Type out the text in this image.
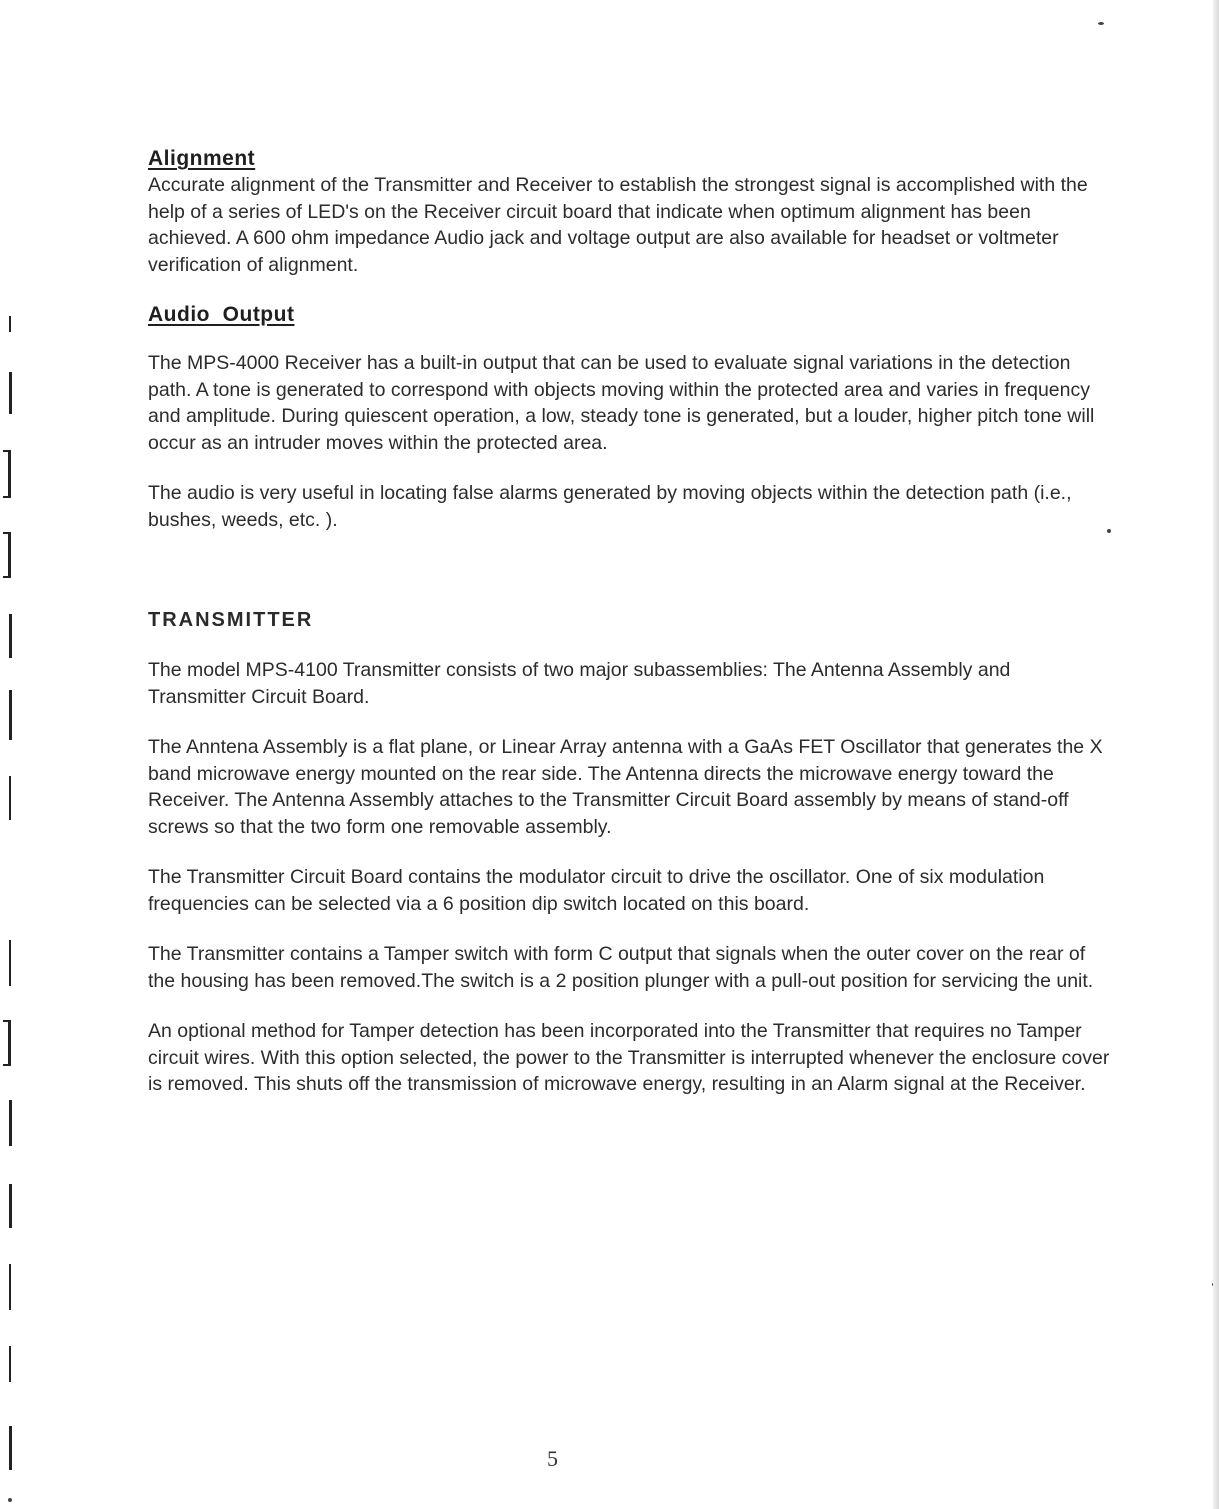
Alignment

Accurate alignment of the Transmitter and Receiver to establish the strongest signal is accomplished with the help of a series of LED's on the Receiver circuit board that indicate when optimum alignment has been achieved. A 600 ohm impedance Audio jack and voltage output are also available for headset or voltmeter verification of alignment.

Audio  Output

The MPS-4000 Receiver has a built-in output that can be used to evaluate signal variations in the detection path. A tone is generated to correspond with objects moving within the protected area and varies in frequency and amplitude. During quiescent operation, a low, steady tone is generated, but a louder, higher pitch tone will occur as an intruder moves within the protected area.

The audio is very useful in locating false alarms generated by moving objects within the detection path (i.e., bushes, weeds, etc. ).

TRANSMITTER

The model MPS-4100 Transmitter consists of two major subassemblies: The Antenna Assembly and Transmitter Circuit Board.

The Anntena Assembly is a flat plane, or Linear Array antenna with a GaAs FET Oscillator that generates the X band microwave energy mounted on the rear side. The Antenna directs the microwave energy toward the Receiver. The Antenna Assembly attaches to the Transmitter Circuit Board assembly by means of stand-off screws so that the two form one removable assembly.

The Transmitter Circuit Board contains the modulator circuit to drive the oscillator. One of six modulation frequencies can be selected via a 6 position dip switch located on this board.

The Transmitter contains a Tamper switch with form C output that signals when the outer cover on the rear of the housing has been removed.The switch is a 2 position plunger with a pull-out position for servicing the unit.

An optional method for Tamper detection has been incorporated into the Transmitter that requires no Tamper circuit wires. With this option selected, the power to the Transmitter is interrupted whenever the enclosure cover is removed. This shuts off the transmission of microwave energy, resulting in an Alarm signal at the Receiver.

5
